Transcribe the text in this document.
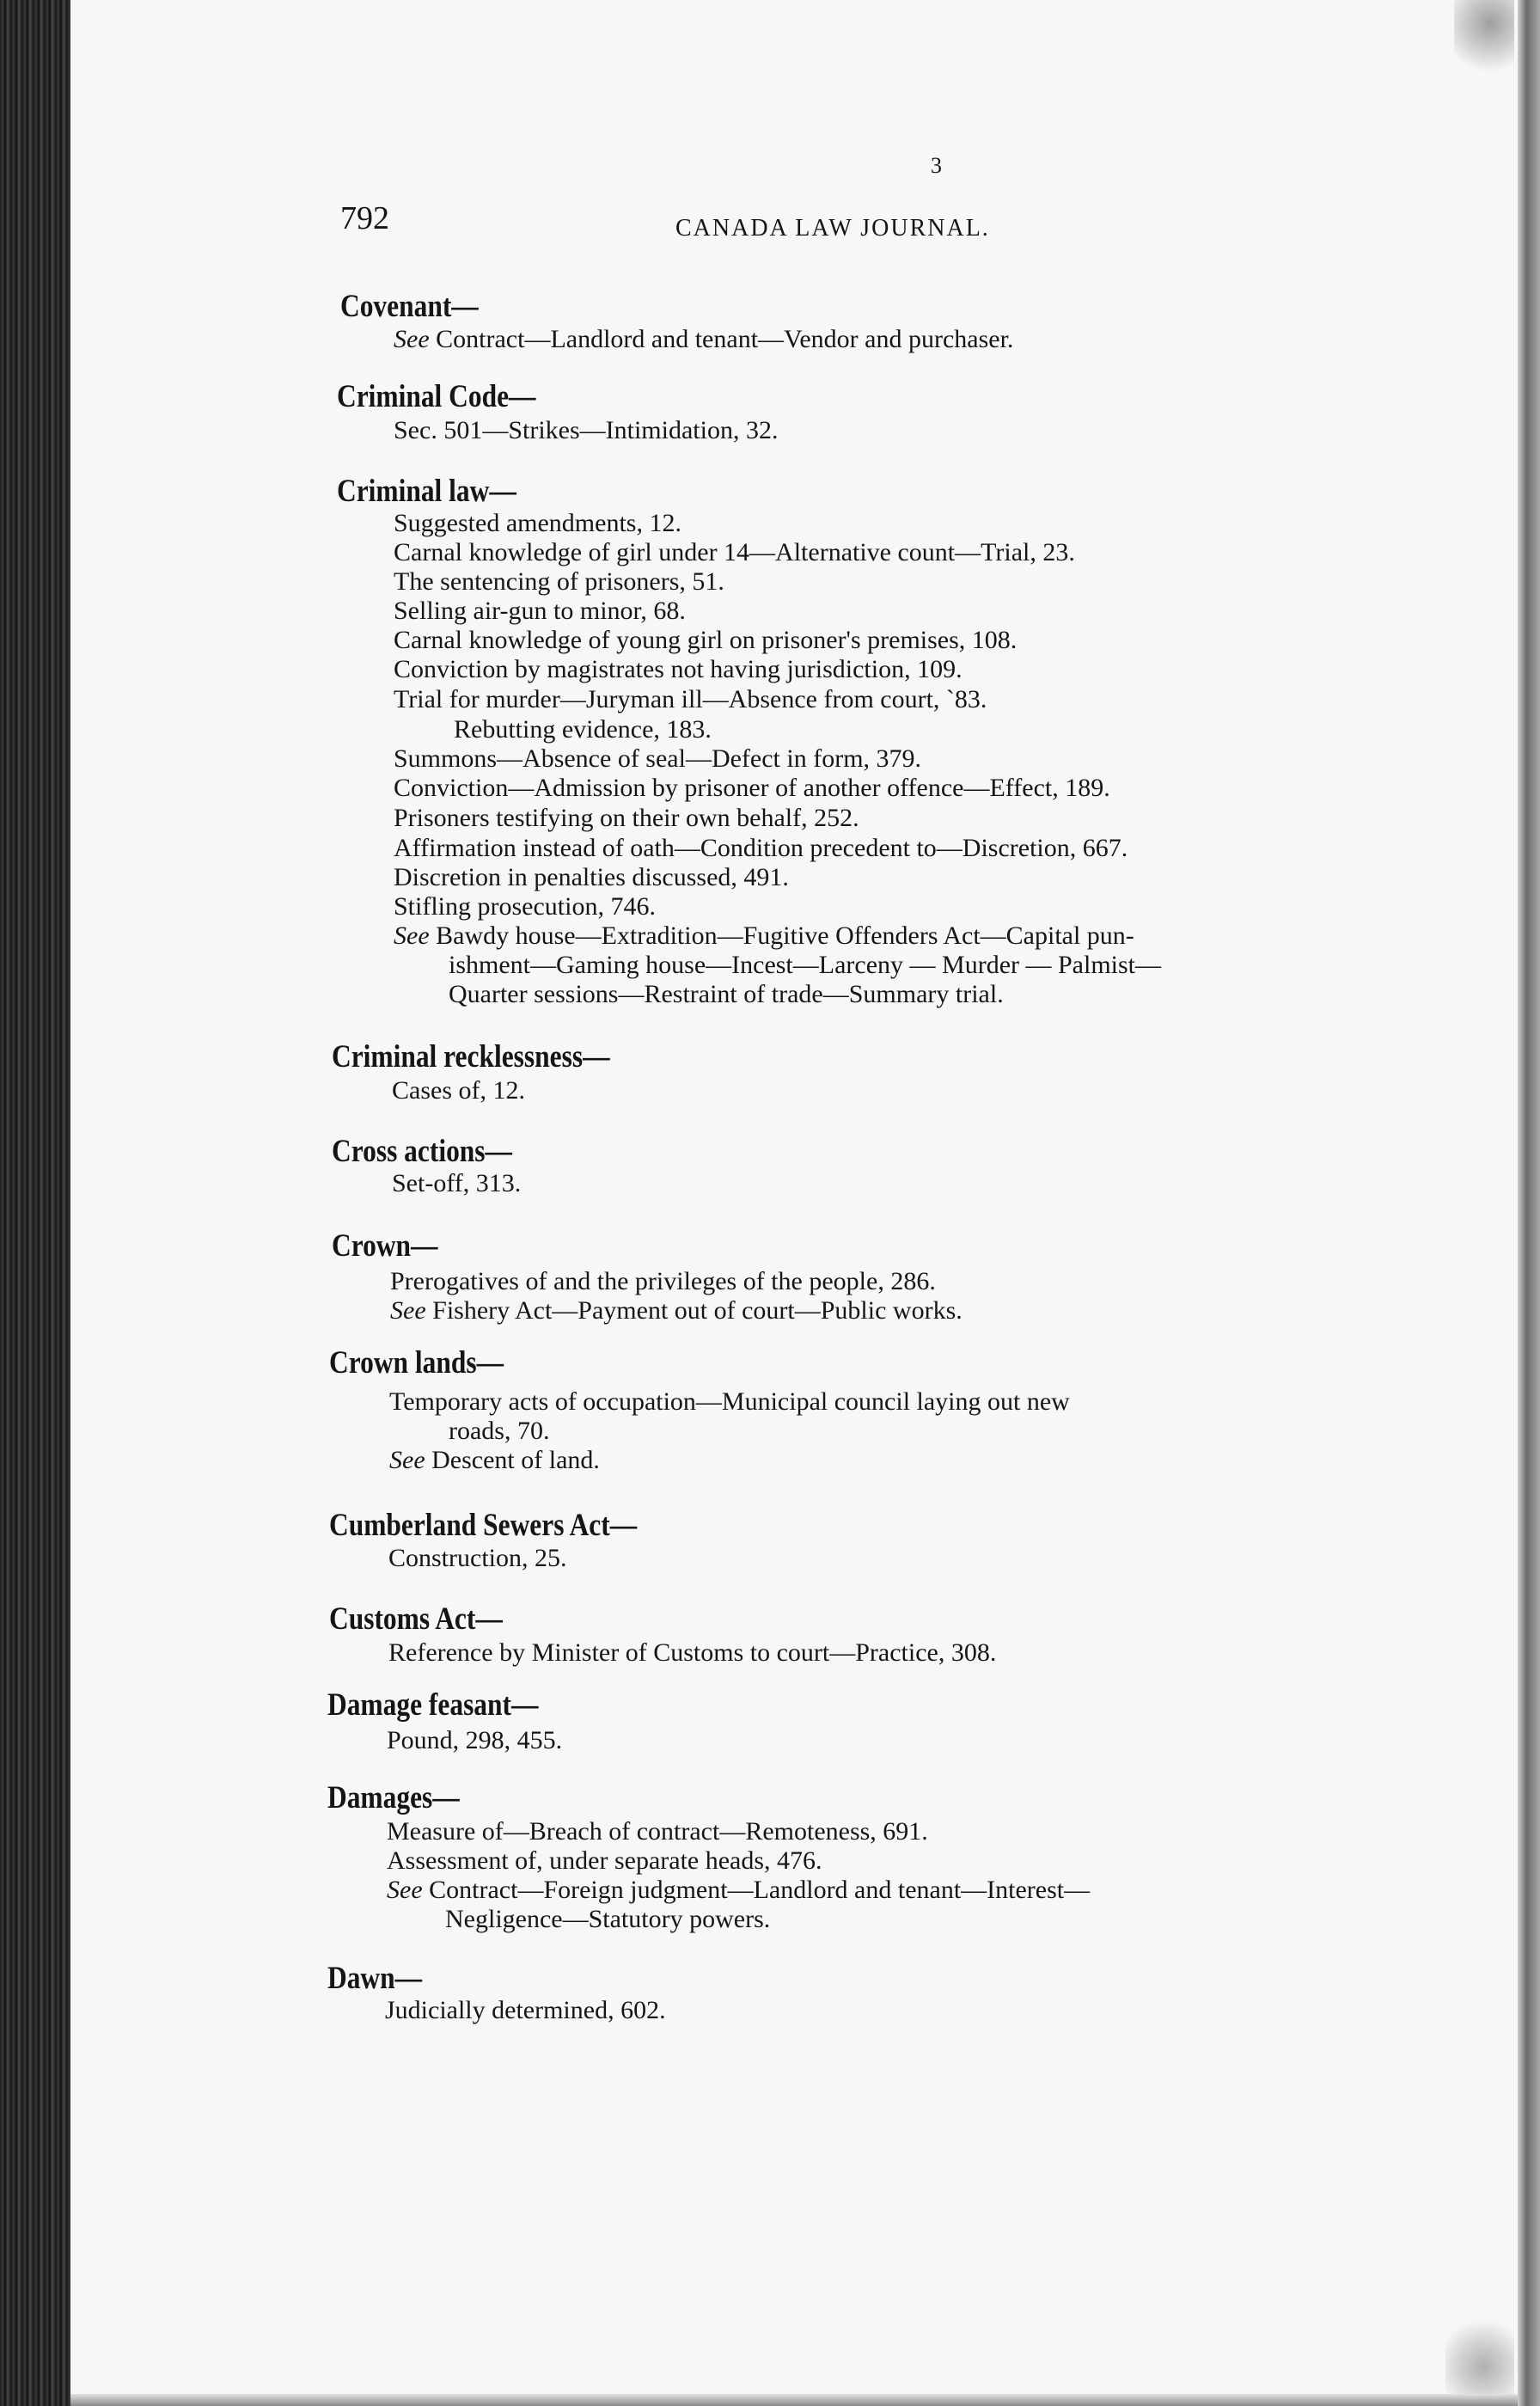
3
792	CANADA LAW JOURNAL.
Covenant—
See Contract—Landlord and tenant—Vendor and purchaser.
Criminal Code—
Sec. 501—Strikes—Intimidation, 32.
Criminal law—
Suggested amendments, 12.
Carnal knowledge of girl under 14—Alternative count—Trial, 23.
The sentencing of prisoners, 51.
Selling air-gun to minor, 68.
Carnal knowledge of young girl on prisoner's premises, 108.
Conviction by magistrates not having jurisdiction, 109.
Trial for murder—Juryman ill—Absence from court, `83.
Rebutting evidence, 183.
Summons—Absence of seal—Defect in form, 379.
Conviction—Admission by prisoner of another offence—Effect, 189.
Prisoners testifying on their own behalf, 252.
Affirmation instead of oath—Condition precedent to—Discretion, 667.
Discretion in penalties discussed, 491.
Stifling prosecution, 746.
See Bawdy house—Extradition—Fugitive Offenders Act—Capital pun-
ishment—Gaming house—Incest—Larceny — Murder — Palmist—
Quarter sessions—Restraint of trade—Summary trial.
Criminal recklessness—
Cases of, 12.
Cross actions—
Set-off, 313.
Crown—
Prerogatives of and the privileges of the people, 286.
See Fishery Act—Payment out of court—Public works.
Crown lands—
Temporary acts of occupation—Municipal council laying out new
roads, 70.
See Descent of land.
Cumberland Sewers Act—
Construction, 25.
Customs Act—
Reference by Minister of Customs to court—Practice, 308.
Damage feasant—
Pound, 298, 455.
Damages—
Measure of—Breach of contract—Remoteness, 691.
Assessment of, under separate heads, 476.
See Contract—Foreign judgment—Landlord and tenant—Interest—
Negligence—Statutory powers.
Dawn—
Judicially determined, 602.
